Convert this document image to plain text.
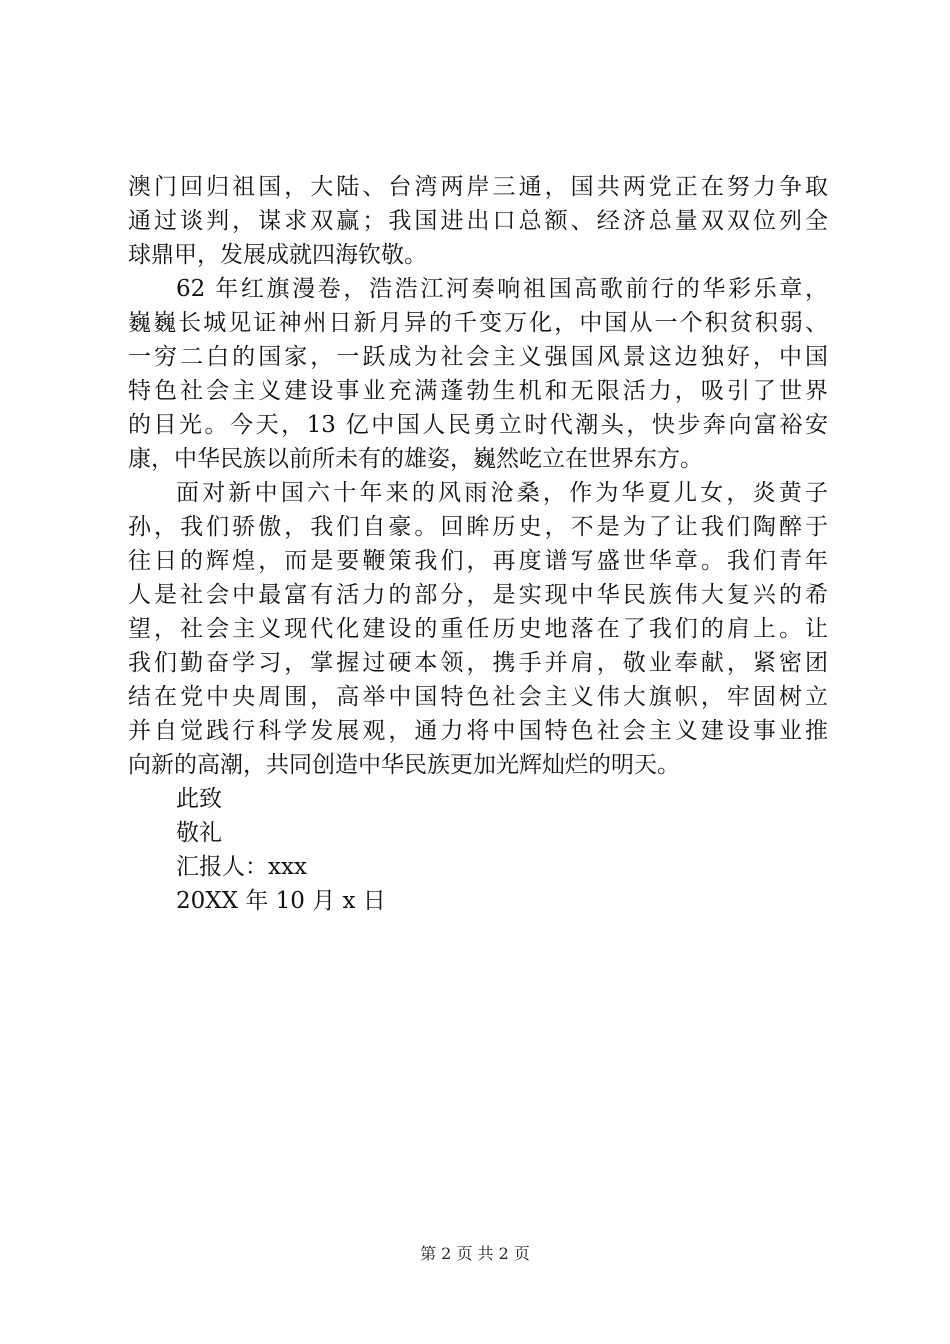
澳门回归祖国，大陆、台湾两岸三通，国共两党正在努力争取
通过谈判，谋求双赢；我国进出口总额、经济总量双双位列全
球鼎甲，发展成就四海钦敬。
62 年红旗漫卷，浩浩江河奏响祖国高歌前行的华彩乐章，
巍巍长城见证神州日新月异的千变万化，中国从一个积贫积弱、
一穷二白的国家，一跃成为社会主义强国风景这边独好，中国
特色社会主义建设事业充满蓬勃生机和无限活力，吸引了世界
的目光。今天，13 亿中国人民勇立时代潮头，快步奔向富裕安
康，中华民族以前所未有的雄姿，巍然屹立在世界东方。
面对新中国六十年来的风雨沧桑，作为华夏儿女，炎黄子
孙，我们骄傲，我们自豪。回眸历史，不是为了让我们陶醉于
往日的辉煌，而是要鞭策我们，再度谱写盛世华章。我们青年
人是社会中最富有活力的部分，是实现中华民族伟大复兴的希
望，社会主义现代化建设的重任历史地落在了我们的肩上。让
我们勤奋学习，掌握过硬本领，携手并肩，敬业奉献，紧密团
结在党中央周围，高举中国特色社会主义伟大旗帜，牢固树立
并自觉践行科学发展观，通力将中国特色社会主义建设事业推
向新的高潮，共同创造中华民族更加光辉灿烂的明天。
此致
敬礼
汇报人：xxx
20XX 年 10 月 x 日
第 2 页 共 2 页
